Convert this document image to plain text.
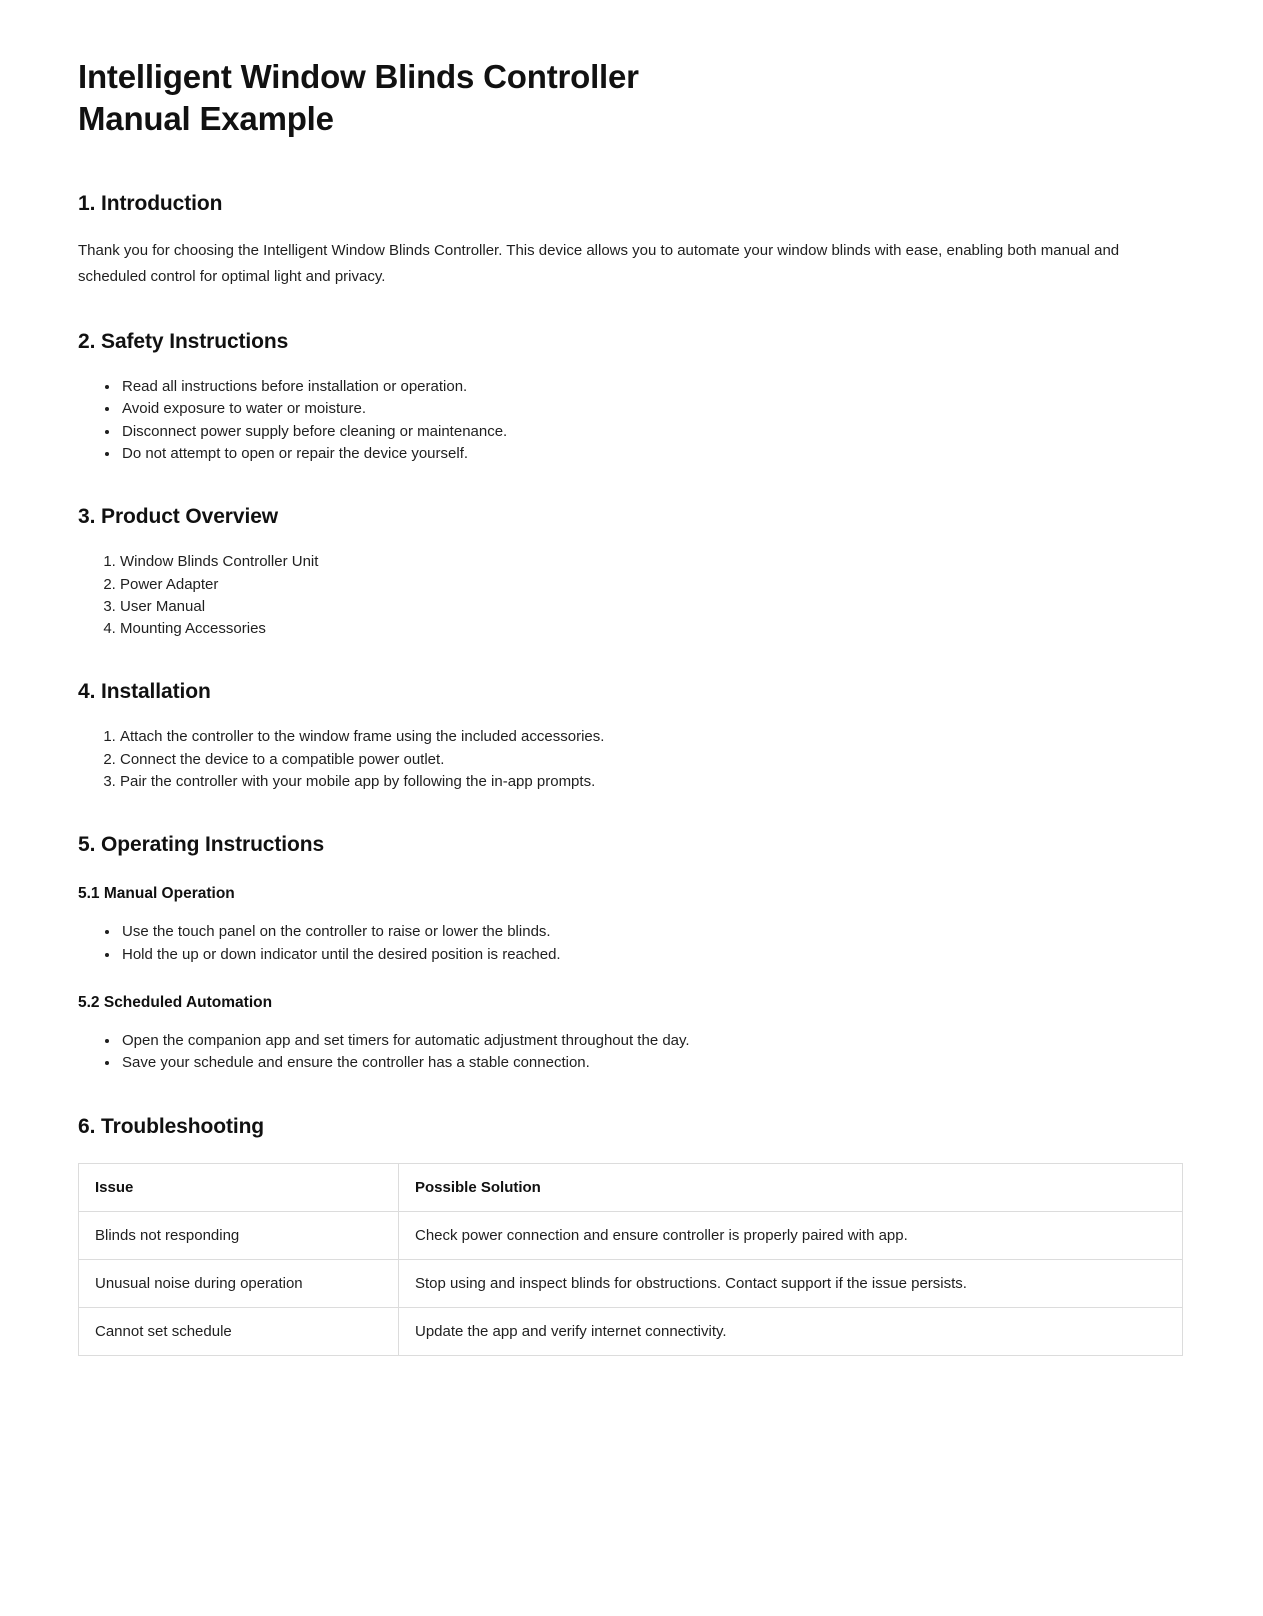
Intelligent Window Blinds Controller
Manual Example
1. Introduction

Thank you for choosing the Intelligent Window Blinds Controller. This device allows you to automate your window blinds with ease, enabling both manual and scheduled control for optimal light and privacy.

2. Safety Instructions
• Read all instructions before installation or operation.
• Avoid exposure to water or moisture.
• Disconnect power supply before cleaning or maintenance.
• Do not attempt to open or repair the device yourself.
3. Product Overview
1. Window Blinds Controller Unit
2. Power Adapter
3. User Manual
4. Mounting Accessories
4. Installation
1. Attach the controller to the window frame using the included accessories.
2. Connect the device to a compatible power outlet.
3. Pair the controller with your mobile app by following the in-app prompts.
5. Operating Instructions
5.1 Manual Operation
• Use the touch panel on the controller to raise or lower the blinds.
• Hold the up or down indicator until the desired position is reached.
5.2 Scheduled Automation
• Open the companion app and set timers for automatic adjustment throughout the day.
• Save your schedule and ensure the controller has a stable connection.
6. Troubleshooting
Issue	Possible Solution
Blinds not responding	Check power connection and ensure controller is properly paired with app.
Unusual noise during operation	Stop using and inspect blinds for obstructions. Contact support if the issue persists.
Cannot set schedule	Update the app and verify internet connectivity.
